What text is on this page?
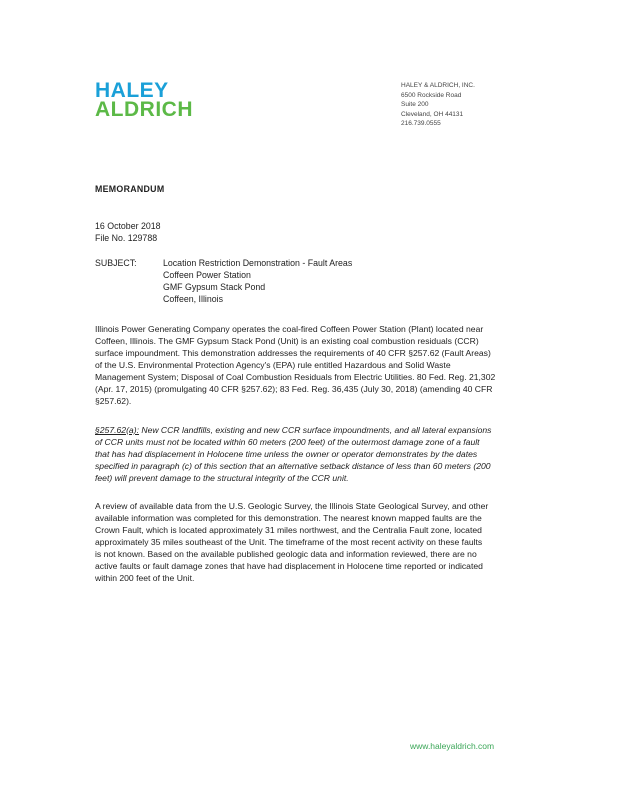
HALEY
ALDRICH
HALEY & ALDRICH, INC.
6500 Rockside Road
Suite 200
Cleveland, OH 44131
216.739.0555
MEMORANDUM
16 October 2018
File No. 129788
SUBJECT:	Location Restriction Demonstration - Fault Areas
Coffeen Power Station
GMF Gypsum Stack Pond
Coffeen, Illinois
Illinois Power Generating Company operates the coal-fired Coffeen Power Station (Plant) located near
Coffeen, Illinois. The GMF Gypsum Stack Pond (Unit) is an existing coal combustion residuals (CCR)
surface impoundment. This demonstration addresses the requirements of 40 CFR §257.62 (Fault Areas)
of the U.S. Environmental Protection Agency's (EPA) rule entitled Hazardous and Solid Waste
Management System; Disposal of Coal Combustion Residuals from Electric Utilities. 80 Fed. Reg. 21,302
(Apr. 17, 2015) (promulgating 40 CFR §257.62); 83 Fed. Reg. 36,435 (July 30, 2018) (amending 40 CFR
§257.62).
§257.62(a): New CCR landfills, existing and new CCR surface impoundments, and all lateral expansions
of CCR units must not be located within 60 meters (200 feet) of the outermost damage zone of a fault
that has had displacement in Holocene time unless the owner or operator demonstrates by the dates
specified in paragraph (c) of this section that an alternative setback distance of less than 60 meters (200
feet) will prevent damage to the structural integrity of the CCR unit.
A review of available data from the U.S. Geologic Survey, the Illinois State Geological Survey, and other
available information was completed for this demonstration. The nearest known mapped faults are the
Crown Fault, which is located approximately 31 miles northwest, and the Centralia Fault zone, located
approximately 35 miles southeast of the Unit. The timeframe of the most recent activity on these faults
is not known. Based on the available published geologic data and information reviewed, there are no
active faults or fault damage zones that have had displacement in Holocene time reported or indicated
within 200 feet of the Unit.
www.haleyaldrich.com
